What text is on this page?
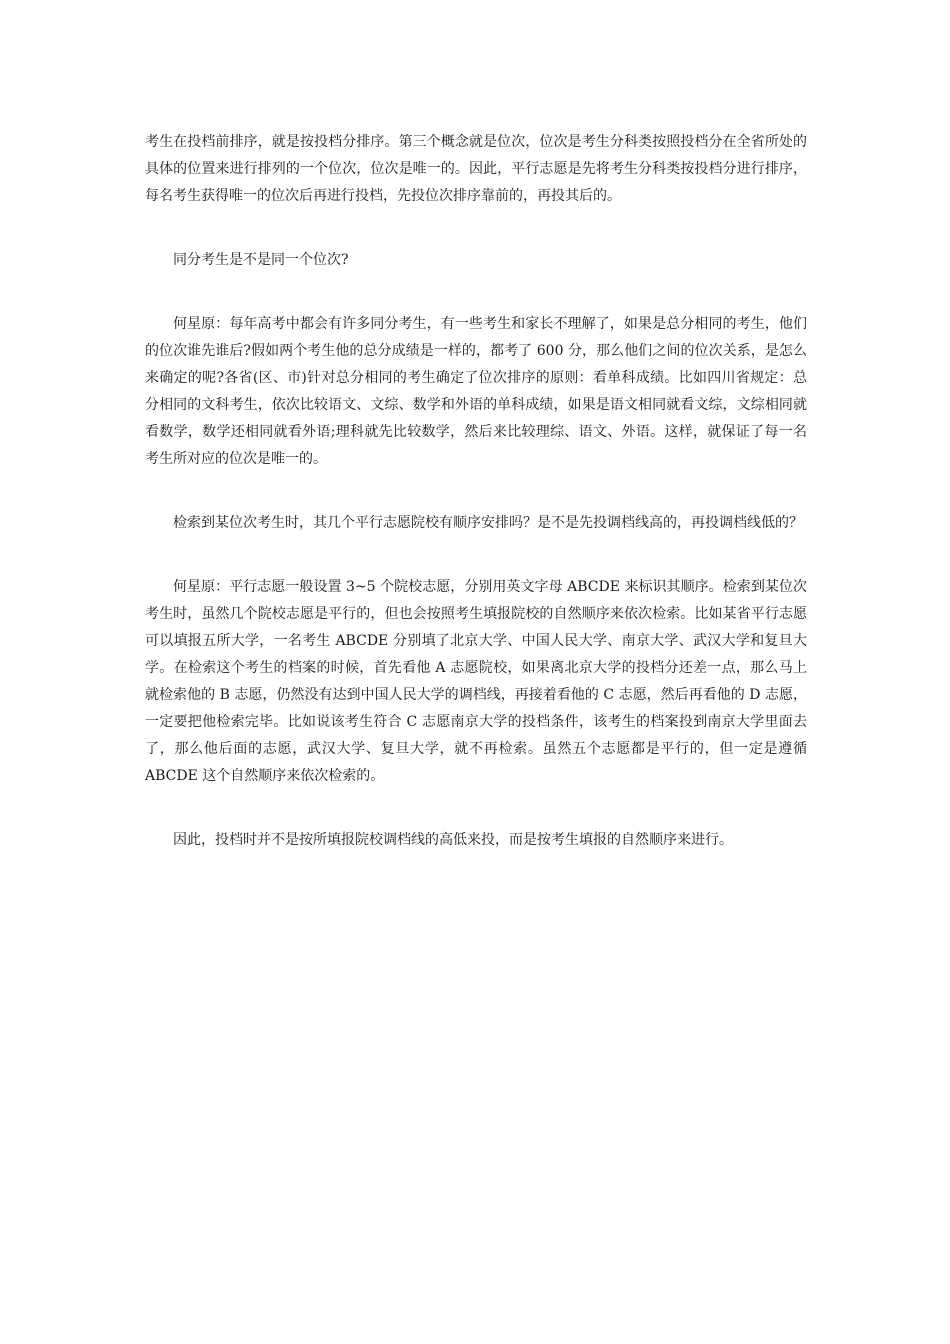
考生在投档前排序，就是按投档分排序。第三个概念就是位次，位次是考生分科类按照投档分在全省所处的具体的位置来进行排列的一个位次，位次是唯一的。因此，平行志愿是先将考生分科类按投档分进行排序，每名考生获得唯一的位次后再进行投档，先投位次排序靠前的，再投其后的。

同分考生是不是同一个位次?

何星原：每年高考中都会有许多同分考生，有一些考生和家长不理解了，如果是总分相同的考生，他们的位次谁先谁后?假如两个考生他的总分成绩是一样的，都考了 600 分，那么他们之间的位次关系，是怎么来确定的呢?各省(区、市)针对总分相同的考生确定了位次排序的原则：看单科成绩。比如四川省规定：总分相同的文科考生，依次比较语文、文综、数学和外语的单科成绩，如果是语文相同就看文综，文综相同就看数学，数学还相同就看外语;理科就先比较数学，然后来比较理综、语文、外语。这样，就保证了每一名考生所对应的位次是唯一的。

检索到某位次考生时，其几个平行志愿院校有顺序安排吗？是不是先投调档线高的，再投调档线低的？

何星原：平行志愿一般设置 3~5 个院校志愿，分别用英文字母 ABCDE 来标识其顺序。检索到某位次考生时，虽然几个院校志愿是平行的，但也会按照考生填报院校的自然顺序来依次检索。比如某省平行志愿可以填报五所大学，一名考生 ABCDE 分别填了北京大学、中国人民大学、南京大学、武汉大学和复旦大学。在检索这个考生的档案的时候，首先看他 A 志愿院校，如果离北京大学的投档分还差一点，那么马上就检索他的 B 志愿，仍然没有达到中国人民大学的调档线，再接着看他的 C 志愿，然后再看他的 D 志愿，一定要把他检索完毕。比如说该考生符合 C 志愿南京大学的投档条件，该考生的档案投到南京大学里面去了，那么他后面的志愿，武汉大学、复旦大学，就不再检索。虽然五个志愿都是平行的，但一定是遵循 ABCDE 这个自然顺序来依次检索的。

因此，投档时并不是按所填报院校调档线的高低来投，而是按考生填报的自然顺序来进行。
